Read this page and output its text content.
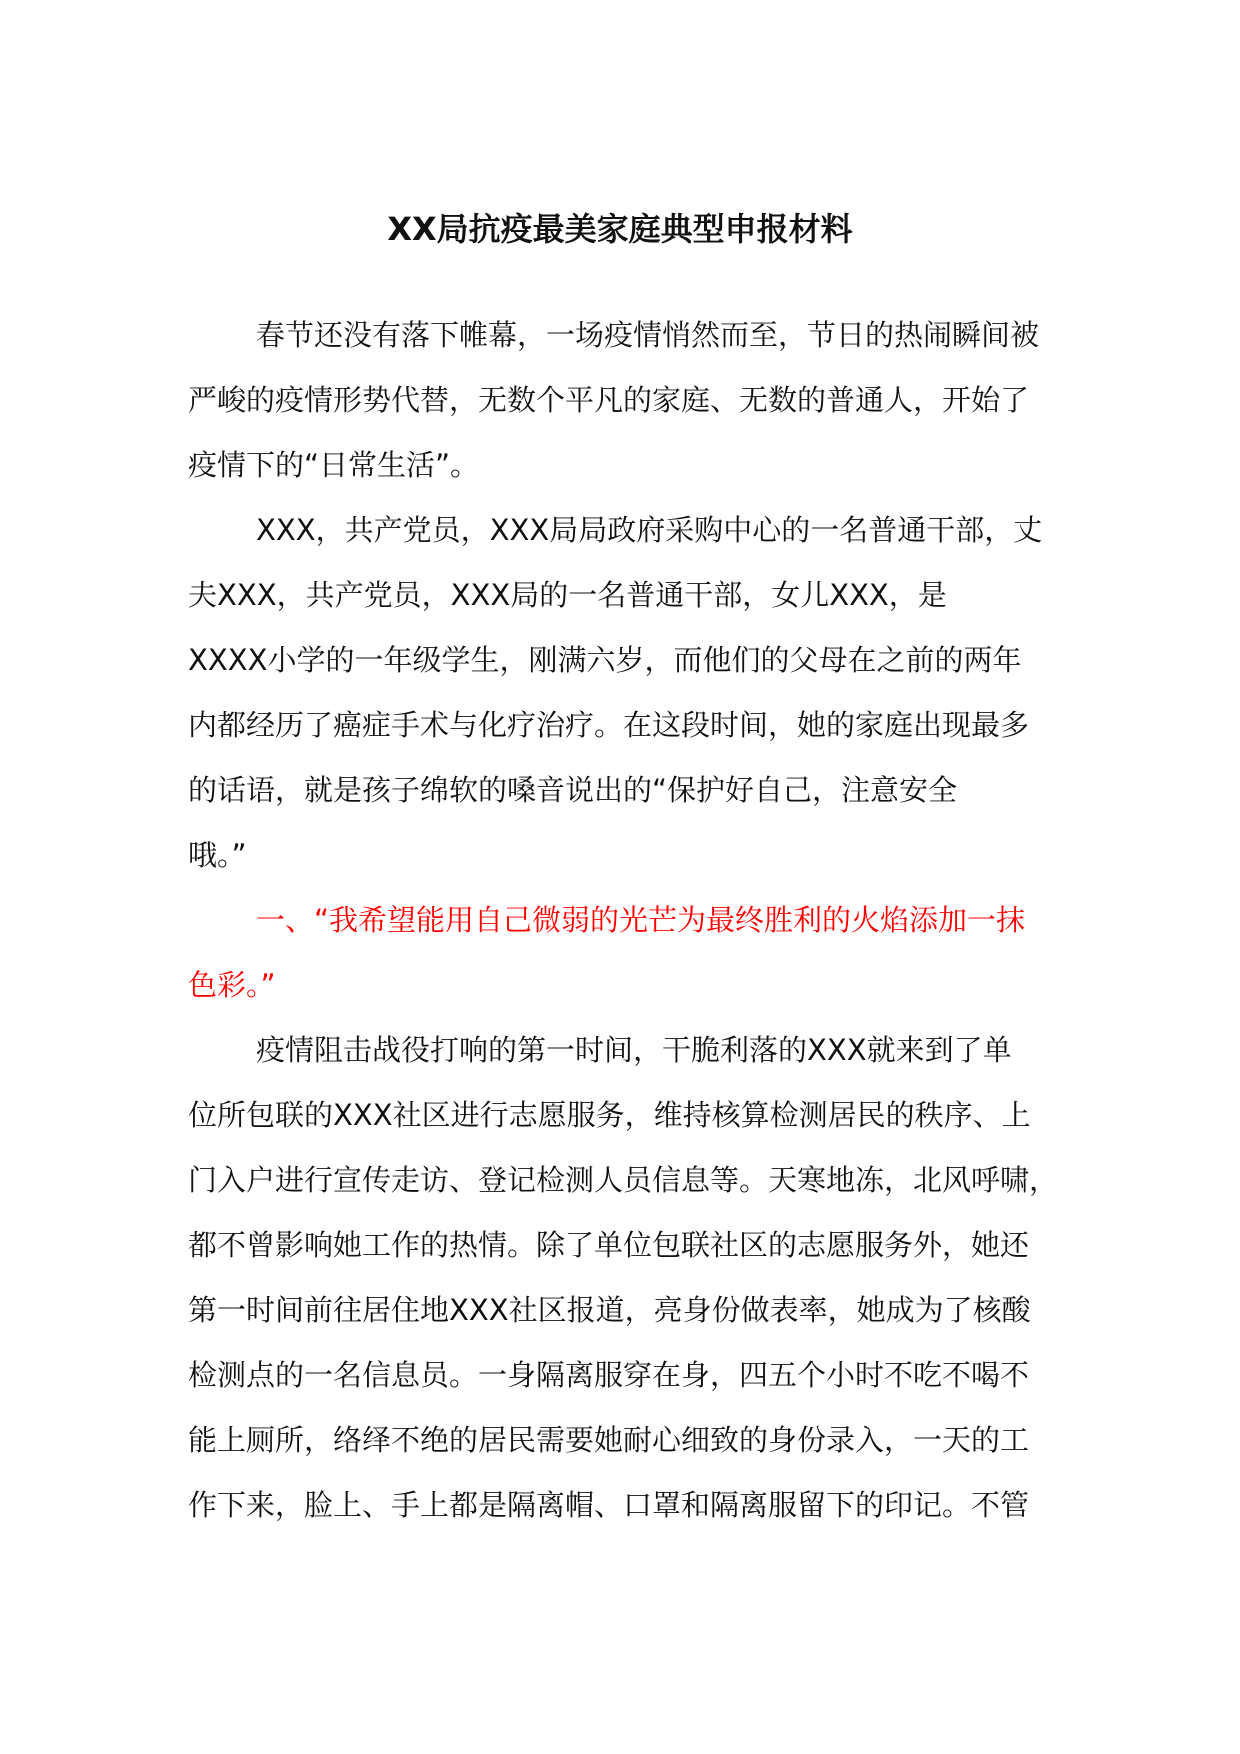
XX局抗疫最美家庭典型申报材料
春节还没有落下帷幕，一场疫情悄然而至，节日的热闹瞬间被
严峻的疫情形势代替，无数个平凡的家庭、无数的普通人，开始了
疫情下的“日常生活”。
XXX，共产党员，XXX局局政府采购中心的一名普通干部，丈
夫XXX，共产党员，XXX局的一名普通干部，女儿XXX，是
XXXX小学的一年级学生，刚满六岁，而他们的父母在之前的两年
内都经历了癌症手术与化疗治疗。在这段时间，她的家庭出现最多
的话语，就是孩子绵软的嗓音说出的“保护好自己，注意安全
哦。”
一、“我希望能用自己微弱的光芒为最终胜利的火焰添加一抹
色彩。”
疫情阻击战役打响的第一时间，干脆利落的XXX就来到了单
位所包联的XXX社区进行志愿服务，维持核算检测居民的秩序、上
门入户进行宣传走访、登记检测人员信息等。天寒地冻，北风呼啸，
都不曾影响她工作的热情。除了单位包联社区的志愿服务外，她还
第一时间前往居住地XXX社区报道，亮身份做表率，她成为了核酸
检测点的一名信息员。一身隔离服穿在身，四五个小时不吃不喝不
能上厕所，络绎不绝的居民需要她耐心细致的身份录入，一天的工
作下来，脸上、手上都是隔离帽、口罩和隔离服留下的印记。不管
